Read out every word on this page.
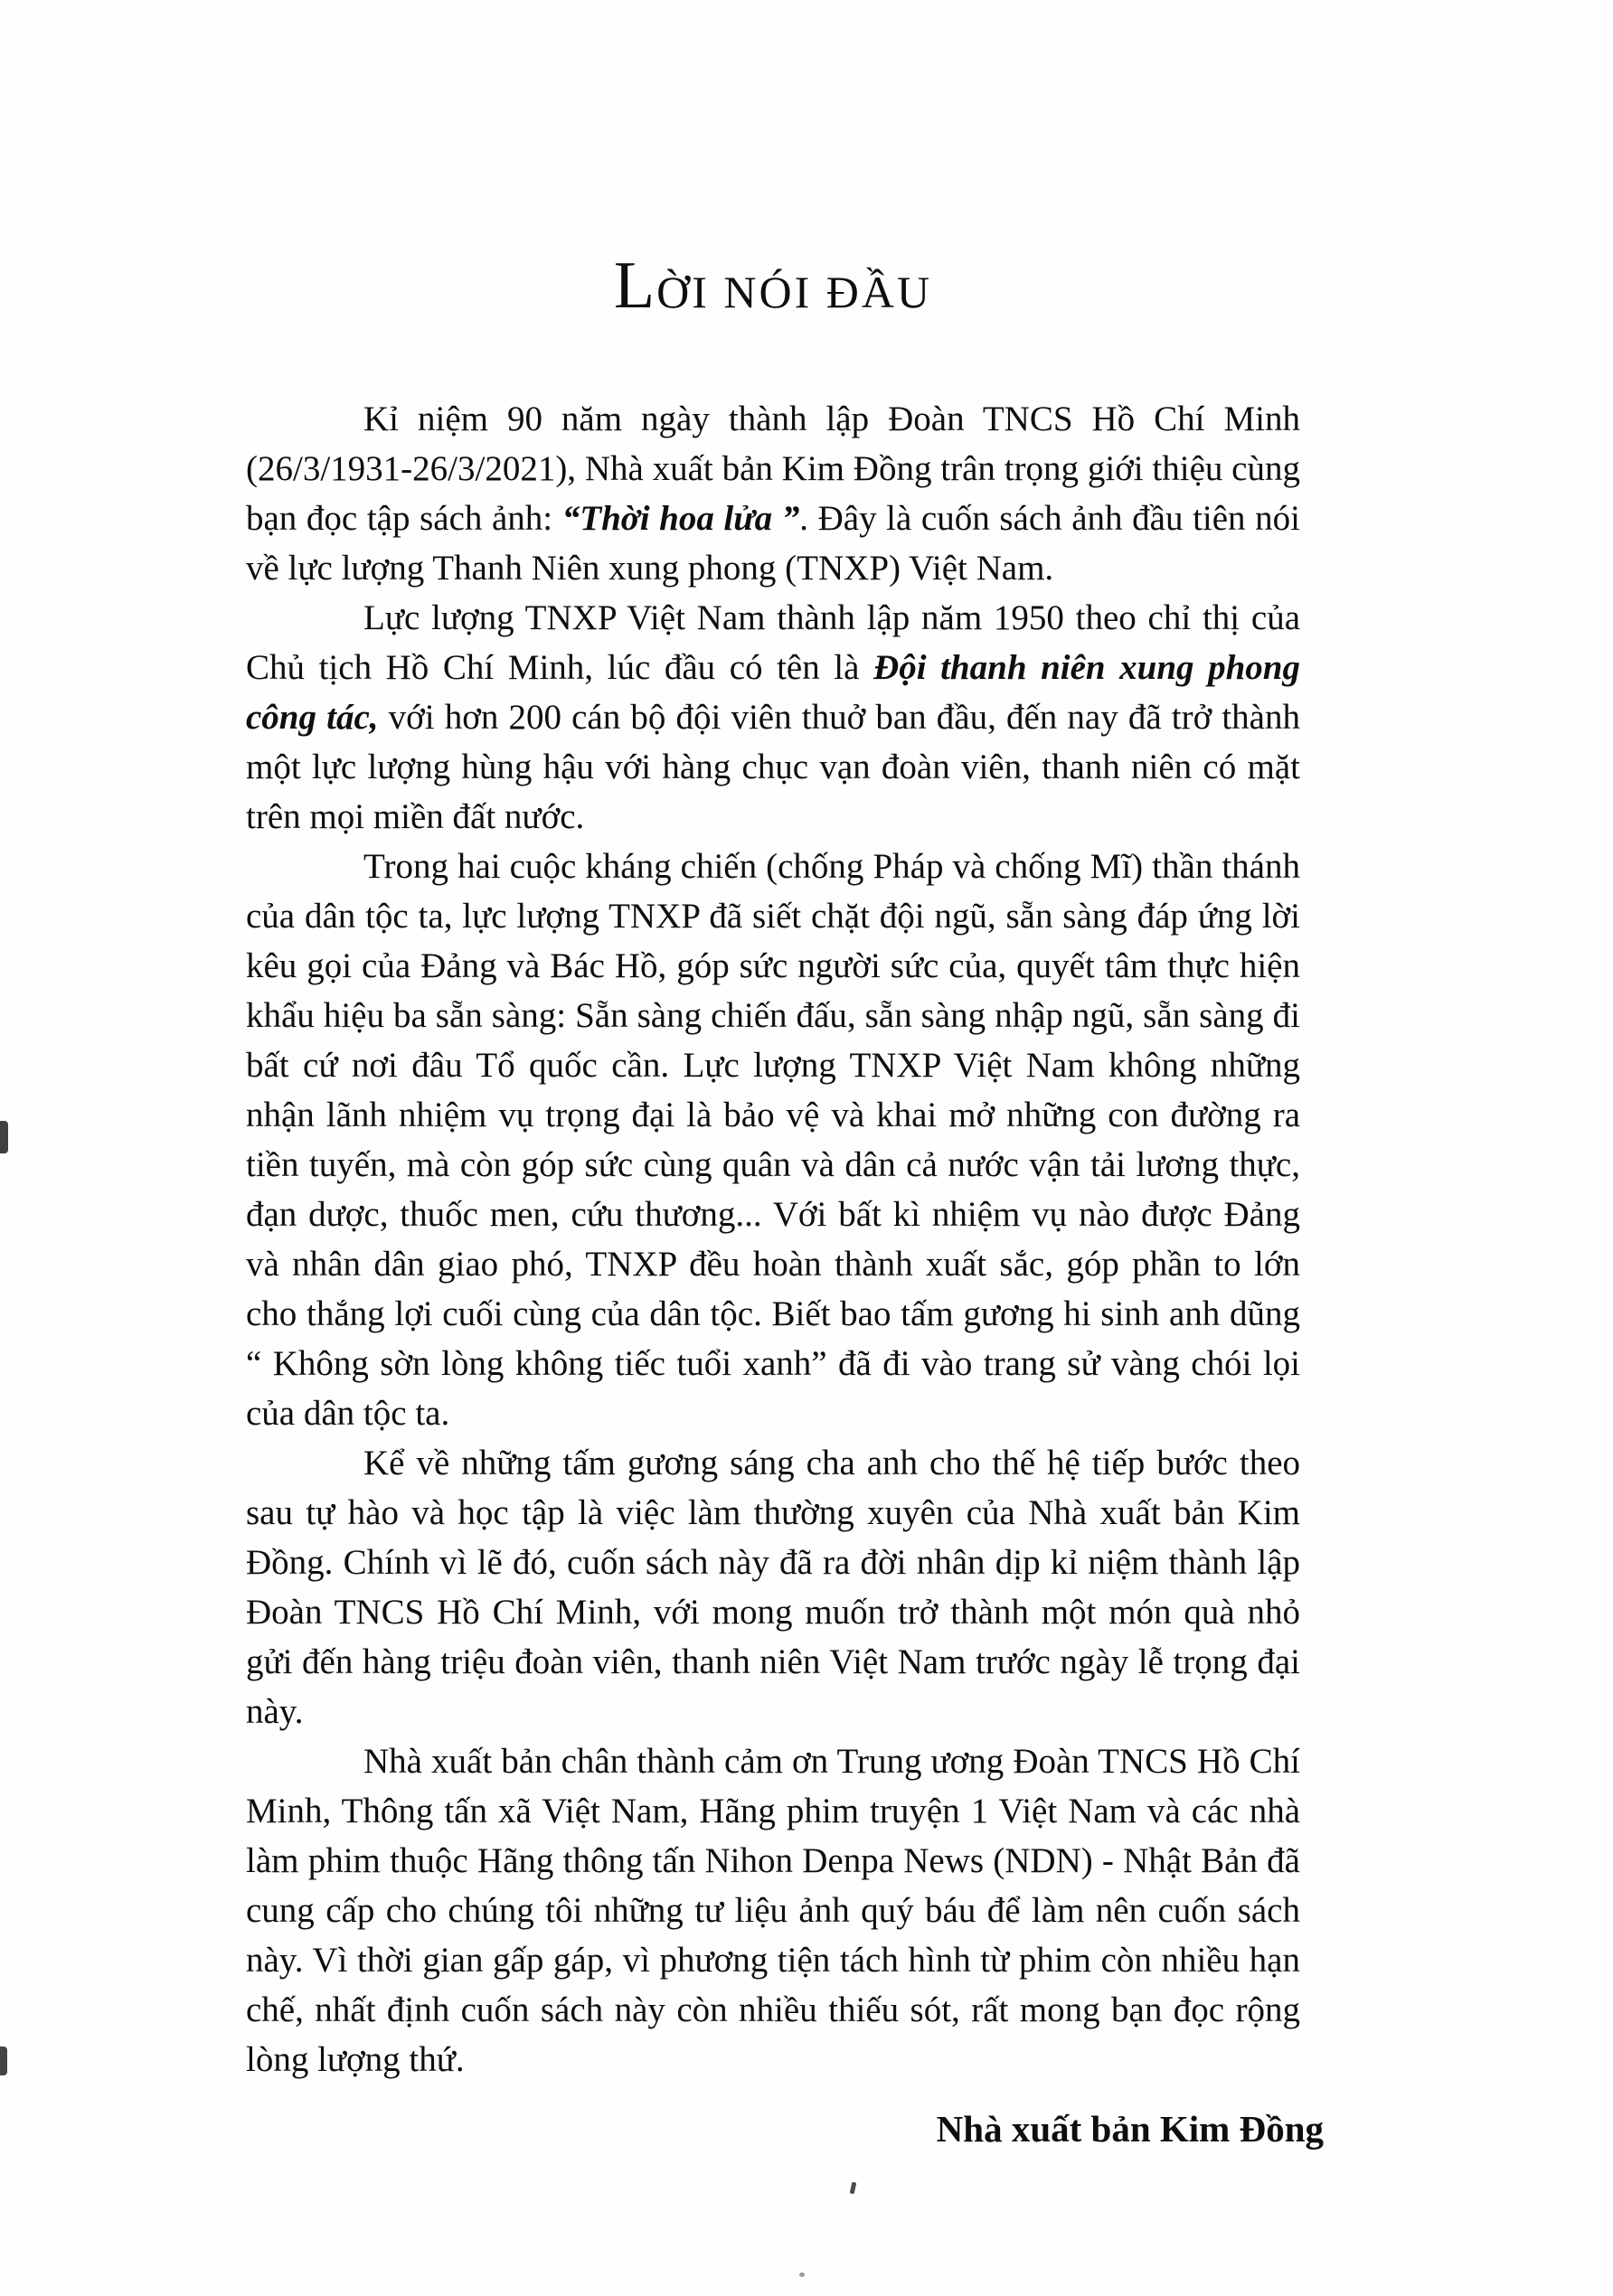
LỜI NÓI ĐẦU

Kỉ niệm 90 năm ngày thành lập Đoàn TNCS Hồ Chí Minh (26/3/1931-26/3/2021), Nhà xuất bản Kim Đồng trân trọng giới thiệu cùng bạn đọc tập sách ảnh: “Thời hoa lửa ”. Đây là cuốn sách ảnh đầu tiên nói về lực lượng Thanh Niên xung phong (TNXP) Việt Nam.

Lực lượng TNXP Việt Nam thành lập năm 1950 theo chỉ thị của Chủ tịch Hồ Chí Minh, lúc đầu có tên là Đội thanh niên xung phong công tác, với hơn 200 cán bộ đội viên thuở ban đầu, đến nay đã trở thành một lực lượng hùng hậu với hàng chục vạn đoàn viên, thanh niên có mặt trên mọi miền đất nước.

Trong hai cuộc kháng chiến (chống Pháp và chống Mĩ) thần thánh của dân tộc ta, lực lượng TNXP đã siết chặt đội ngũ, sẵn sàng đáp ứng lời kêu gọi của Đảng và Bác Hồ, góp sức người sức của, quyết tâm thực hiện khẩu hiệu ba sẵn sàng: Sẵn sàng chiến đấu, sẵn sàng nhập ngũ, sẵn sàng đi bất cứ nơi đâu Tổ quốc cần. Lực lượng TNXP Việt Nam không những nhận lãnh nhiệm vụ trọng đại là bảo vệ và khai mở những con đường ra tiền tuyến, mà còn góp sức cùng quân và dân cả nước vận tải lương thực, đạn dược, thuốc men, cứu thương... Với bất kì nhiệm vụ nào được Đảng và nhân dân giao phó, TNXP đều hoàn thành xuất sắc, góp phần to lớn cho thắng lợi cuối cùng của dân tộc. Biết bao tấm gương hi sinh anh dũng “ Không sờn lòng không tiếc tuổi xanh” đã đi vào trang sử vàng chói lọi của dân tộc ta.

Kể về những tấm gương sáng cha anh cho thế hệ tiếp bước theo sau tự hào và học tập là việc làm thường xuyên của Nhà xuất bản Kim Đồng. Chính vì lẽ đó, cuốn sách này đã ra đời nhân dịp kỉ niệm thành lập Đoàn TNCS Hồ Chí Minh, với mong muốn trở thành một món quà nhỏ gửi đến hàng triệu đoàn viên, thanh niên Việt Nam trước ngày lễ trọng đại này.

Nhà xuất bản chân thành cảm ơn Trung ương Đoàn TNCS Hồ Chí Minh, Thông tấn xã Việt Nam, Hãng phim truyện 1 Việt Nam và các nhà làm phim thuộc Hãng thông tấn Nihon Denpa News (NDN) - Nhật Bản đã cung cấp cho chúng tôi những tư liệu ảnh quý báu để làm nên cuốn sách này. Vì thời gian gấp gáp, vì phương tiện tách hình từ phim còn nhiều hạn chế, nhất định cuốn sách này còn nhiều thiếu sót, rất mong bạn đọc rộng lòng lượng thứ.

Nhà xuất bản Kim Đồng
